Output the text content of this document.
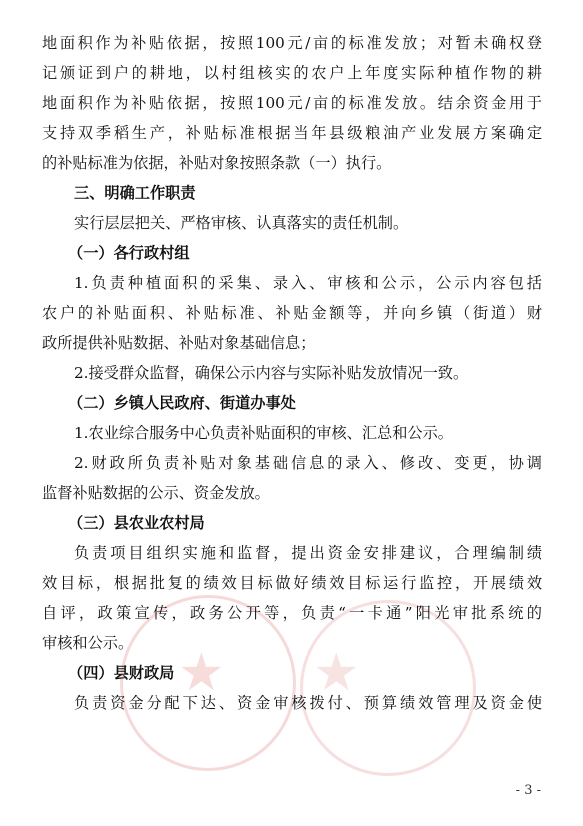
★ ★
地面积作为补贴依据，按照100元/亩的标准发放；对暂未确权登
记颁证到户的耕地，以村组核实的农户上年度实际种植作物的耕
地面积作为补贴依据，按照100元/亩的标准发放。结余资金用于
支持双季稻生产，补贴标准根据当年县级粮油产业发展方案确定
的补贴标准为依据，补贴对象按照条款（一）执行。
三、明确工作职责
实行层层把关、严格审核、认真落实的责任机制。
（一）各行政村组
1.负责种植面积的采集、录入、审核和公示，公示内容包括
农户的补贴面积、补贴标准、补贴金额等，并向乡镇（街道）财
政所提供补贴数据、补贴对象基础信息；
2.接受群众监督，确保公示内容与实际补贴发放情况一致。
（二）乡镇人民政府、街道办事处
1.农业综合服务中心负责补贴面积的审核、汇总和公示。
2.财政所负责补贴对象基础信息的录入、修改、变更，协调
监督补贴数据的公示、资金发放。
（三）县农业农村局
负责项目组织实施和监督，提出资金安排建议，合理编制绩
效目标，根据批复的绩效目标做好绩效目标运行监控，开展绩效
自评，政策宣传，政务公开等，负责“一卡通”阳光审批系统的
审核和公示。
（四）县财政局
负责资金分配下达、资金审核拨付、预算绩效管理及资金使
- 3 -
